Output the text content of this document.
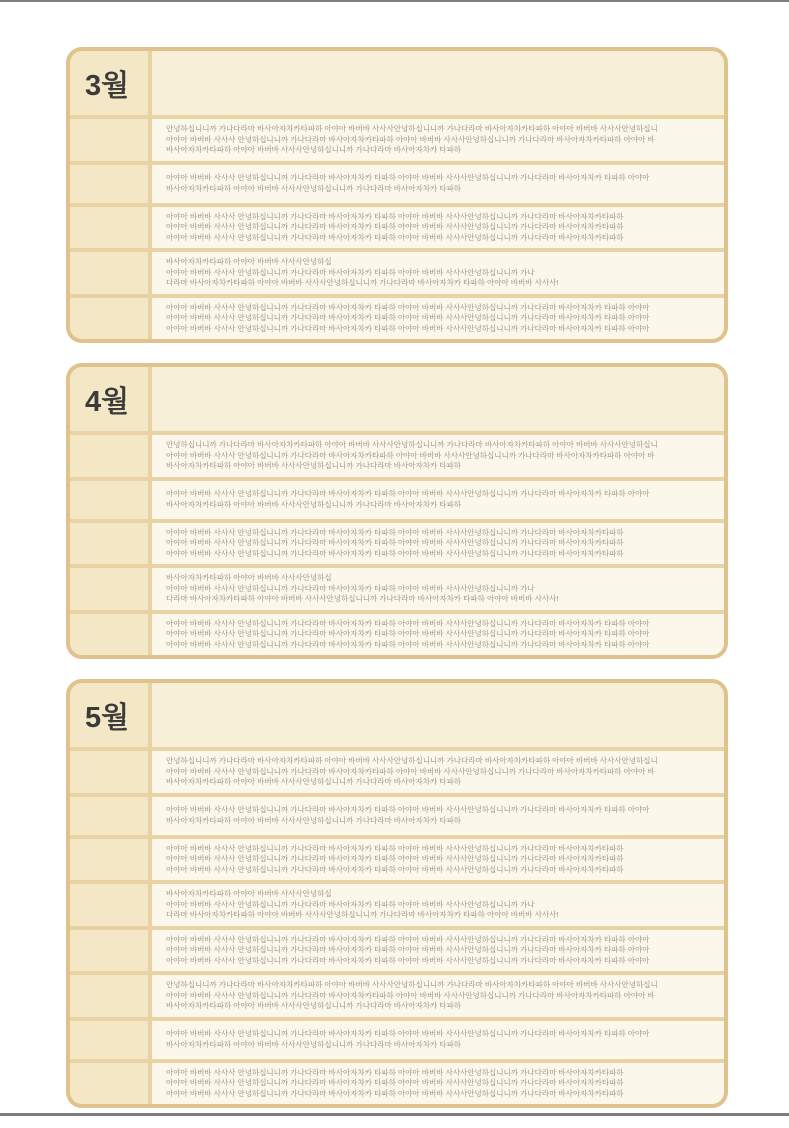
3월
안녕하십니니까 가나다라마 바사아자차카타파하 아야아 바버바 사사사안녕하십니니까 가나다라마 바사아자차카타파하 아야아 바버바 사사사안녕하십니
아야아 바버바 사사사 안녕하십니니까 가나다라마 바사아자차카타파하 아야아 바버바 사사사안녕하십니니까 가나다라마 바사아자차카타파하 아야아 바
바사아자차카타파하 아야아 바버바 사사사안녕하십니니까 가나다라마 바사아자차카 타파하
아야아 바버바 사사사 안녕하십니니까 가나다라마 바사아자차카 타파하 아야아 바버바 사사사안녕하십니니까 가나다라마 바사아자차카 타파하 아야아
바사아자차카타파하 아야아 바버바 사사사안녕하십니니까 가나다라마 바사아자차카 타파하
아야아 바버바 사사사 안녕하십니니까 가나다라마 바사아자차카 타파하 아야아 바버바 사사사안녕하십니니까 가나다라마 바사아자차카타파하
아야아 바버바 사사사 안녕하십니니까 가나다라마 바사아자차카 타파하 아야아 바버바 사사사안녕하십니니까 가나다라마 바사아자차카타파하
아야아 바버바 사사사 안녕하십니니까 가나다라마 바사아자차카 타파하 아야아 바버바 사사사안녕하십니니까 가나다라마 바사아자차카타파하
바사아자차카타파하 아야아 바버바 사사사안녕하십
아야아 바버바 사사사 안녕하십니니까 가나다라마 바사아자차카 타파하 아야아 바버바 사사사안녕하십니니까 가나
다라마 바사아자차카타파하 아야아 바버바 사사사안녕하십니니까 가나다라마 바사아자차카 타파하 아야아 바버바 사사사!
아야아 바버바 사사사 안녕하십니니까 가나다라마 바사아자차카 타파하 아야아 바버바 사사사안녕하십니니까 가나다라마 바사아자차카 타파하 아야아
아야아 바버바 사사사 안녕하십니니까 가나다라마 바사아자차카 타파하 아야아 바버바 사사사안녕하십니니까 가나다라마 바사아자차카 타파하 아야아
아야아 바버바 사사사 안녕하십니니까 가나다라마 바사아자차카 타파하 아야아 바버바 사사사안녕하십니니까 가나다라마 바사아자차카 타파하 아야아
4월
안녕하십니니까 가나다라마 바사아자차카타파하 아야아 바버바 사사사안녕하십니니까 가나다라마 바사아자차카타파하 아야아 바버바 사사사안녕하십니
아야아 바버바 사사사 안녕하십니니까 가나다라마 바사아자차카타파하 아야아 바버바 사사사안녕하십니니까 가나다라마 바사아자차카타파하 아야아 바
바사아자차카타파하 아야아 바버바 사사사안녕하십니니까 가나다라마 바사아자차카 타파하
아야아 바버바 사사사 안녕하십니니까 가나다라마 바사아자차카 타파하 아야아 바버바 사사사안녕하십니니까 가나다라마 바사아자차카 타파하 아야아
바사아자차카타파하 아야아 바버바 사사사안녕하십니니까 가나다라마 바사아자차카 타파하
아야아 바버바 사사사 안녕하십니니까 가나다라마 바사아자차카 타파하 아야아 바버바 사사사안녕하십니니까 가나다라마 바사아자차카타파하
아야아 바버바 사사사 안녕하십니니까 가나다라마 바사아자차카 타파하 아야아 바버바 사사사안녕하십니니까 가나다라마 바사아자차카타파하
아야아 바버바 사사사 안녕하십니니까 가나다라마 바사아자차카 타파하 아야아 바버바 사사사안녕하십니니까 가나다라마 바사아자차카타파하
바사아자차카타파하 아야아 바버바 사사사안녕하십
아야아 바버바 사사사 안녕하십니니까 가나다라마 바사아자차카 타파하 아야아 바버바 사사사안녕하십니니까 가나
다라마 바사아자차카타파하 아야아 바버바 사사사안녕하십니니까 가나다라마 바사아자차카 타파하 아야아 바버바 사사사!
아야아 바버바 사사사 안녕하십니니까 가나다라마 바사아자차카 타파하 아야아 바버바 사사사안녕하십니니까 가나다라마 바사아자차카 타파하 아야아
아야아 바버바 사사사 안녕하십니니까 가나다라마 바사아자차카 타파하 아야아 바버바 사사사안녕하십니니까 가나다라마 바사아자차카 타파하 아야아
아야아 바버바 사사사 안녕하십니니까 가나다라마 바사아자차카 타파하 아야아 바버바 사사사안녕하십니니까 가나다라마 바사아자차카 타파하 아야아
5월
안녕하십니니까 가나다라마 바사아자차카타파하 아야아 바버바 사사사안녕하십니니까 가나다라마 바사아자차카타파하 아야아 바버바 사사사안녕하십니
아야아 바버바 사사사 안녕하십니니까 가나다라마 바사아자차카타파하 아야아 바버바 사사사안녕하십니니까 가나다라마 바사아자차카타파하 아야아 바
바사아자차카타파하 아야아 바버바 사사사안녕하십니니까 가나다라마 바사아자차카 타파하
아야아 바버바 사사사 안녕하십니니까 가나다라마 바사아자차카 타파하 아야아 바버바 사사사안녕하십니니까 가나다라마 바사아자차카 타파하 아야아
바사아자차카타파하 아야아 바버바 사사사안녕하십니니까 가나다라마 바사아자차카 타파하
아야아 바버바 사사사 안녕하십니니까 가나다라마 바사아자차카 타파하 아야아 바버바 사사사안녕하십니니까 가나다라마 바사아자차카타파하
아야아 바버바 사사사 안녕하십니니까 가나다라마 바사아자차카 타파하 아야아 바버바 사사사안녕하십니니까 가나다라마 바사아자차카타파하
아야아 바버바 사사사 안녕하십니니까 가나다라마 바사아자차카 타파하 아야아 바버바 사사사안녕하십니니까 가나다라마 바사아자차카타파하
바사아자차카타파하 아야아 바버바 사사사안녕하십
아야아 바버바 사사사 안녕하십니니까 가나다라마 바사아자차카 타파하 아야아 바버바 사사사안녕하십니니까 가나
다라마 바사아자차카타파하 아야아 바버바 사사사안녕하십니니까 가나다라마 바사아자차카 타파하 아야아 바버바 사사사!
아야아 바버바 사사사 안녕하십니니까 가나다라마 바사아자차카 타파하 아야아 바버바 사사사안녕하십니니까 가나다라마 바사아자차카 타파하 아야아
아야아 바버바 사사사 안녕하십니니까 가나다라마 바사아자차카 타파하 아야아 바버바 사사사안녕하십니니까 가나다라마 바사아자차카 타파하 아야아
아야아 바버바 사사사 안녕하십니니까 가나다라마 바사아자차카 타파하 아야아 바버바 사사사안녕하십니니까 가나다라마 바사아자차카 타파하 아야아
안녕하십니니까 가나다라마 바사아자차카타파하 아야아 바버바 사사사안녕하십니니까 가나다라마 바사아자차카타파하 아야아 바버바 사사사안녕하십니
아야아 바버바 사사사 안녕하십니니까 가나다라마 바사아자차카타파하 아야아 바버바 사사사안녕하십니니까 가나다라마 바사아자차카타파하 아야아 바
바사아자차카타파하 아야아 바버바 사사사안녕하십니니까 가나다라마 바사아자차카 타파하
아야아 바버바 사사사 안녕하십니니까 가나다라마 바사아자차카 타파하 아야아 바버바 사사사안녕하십니니까 가나다라마 바사아자차카 타파하 아야아
바사아자차카타파하 아야아 바버바 사사사안녕하십니니까 가나다라마 바사아자차카 타파하
아야아 바버바 사사사 안녕하십니니까 가나다라마 바사아자차카 타파하 아야아 바버바 사사사안녕하십니니까 가나다라마 바사아자차카타파하
아야아 바버바 사사사 안녕하십니니까 가나다라마 바사아자차카 타파하 아야아 바버바 사사사안녕하십니니까 가나다라마 바사아자차카타파하
아야아 바버바 사사사 안녕하십니니까 가나다라마 바사아자차카 타파하 아야아 바버바 사사사안녕하십니니까 가나다라마 바사아자차카타파하
